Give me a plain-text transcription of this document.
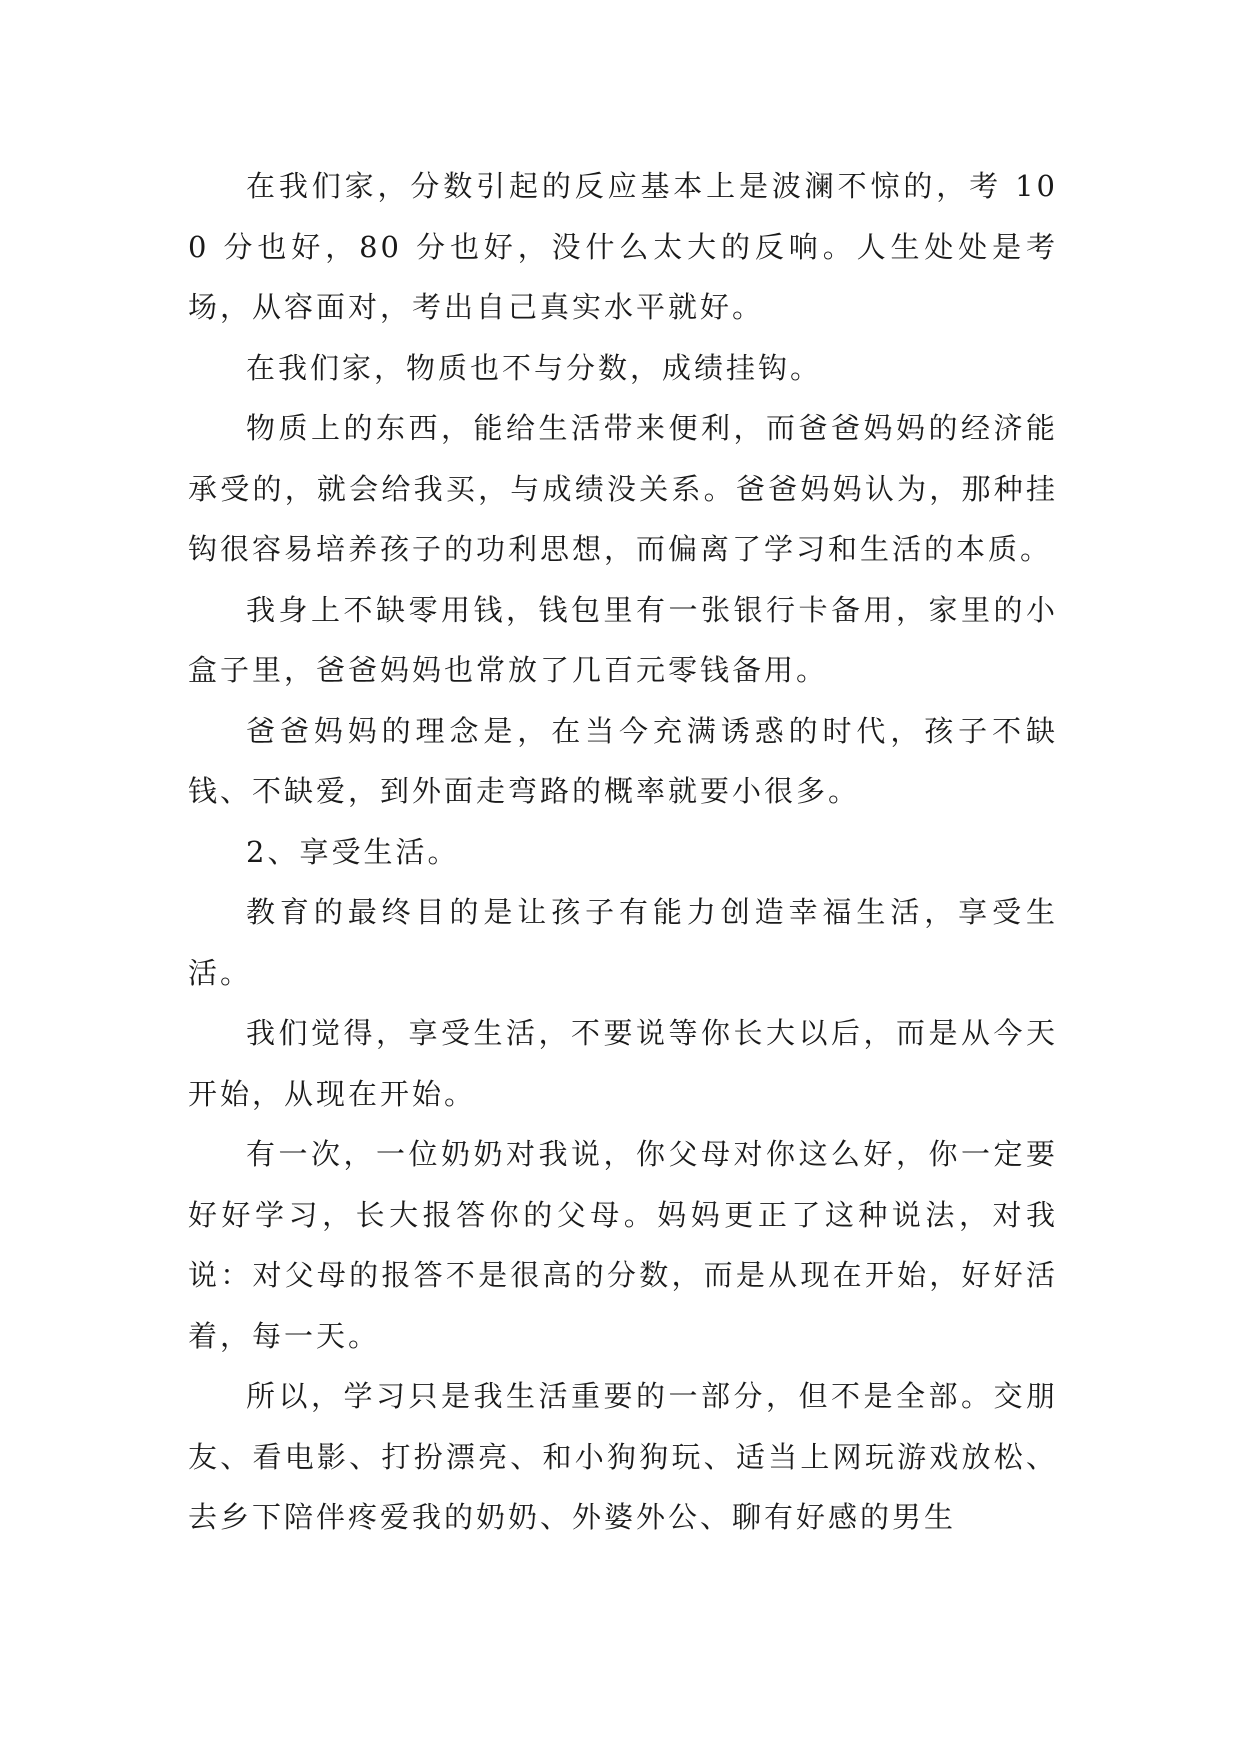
在我们家，分数引起的反应基本上是波澜不惊的，考 100 分也好，80 分也好，没什么太大的反响。人生处处是考场，从容面对，考出自己真实水平就好。

在我们家，物质也不与分数，成绩挂钩。

物质上的东西，能给生活带来便利，而爸爸妈妈的经济能承受的，就会给我买，与成绩没关系。爸爸妈妈认为，那种挂钩很容易培养孩子的功利思想，而偏离了学习和生活的本质。

我身上不缺零用钱，钱包里有一张银行卡备用，家里的小盒子里，爸爸妈妈也常放了几百元零钱备用。

爸爸妈妈的理念是，在当今充满诱惑的时代，孩子不缺钱、不缺爱，到外面走弯路的概率就要小很多。

2、享受生活。

教育的最终目的是让孩子有能力创造幸福生活，享受生活。

我们觉得，享受生活，不要说等你长大以后，而是从今天开始，从现在开始。

有一次，一位奶奶对我说，你父母对你这么好，你一定要好好学习，长大报答你的父母。妈妈更正了这种说法，对我说：对父母的报答不是很高的分数，而是从现在开始，好好活着，每一天。

所以，学习只是我生活重要的一部分，但不是全部。交朋友、看电影、打扮漂亮、和小狗狗玩、适当上网玩游戏放松、去乡下陪伴疼爱我的奶奶、外婆外公、聊有好感的男生
